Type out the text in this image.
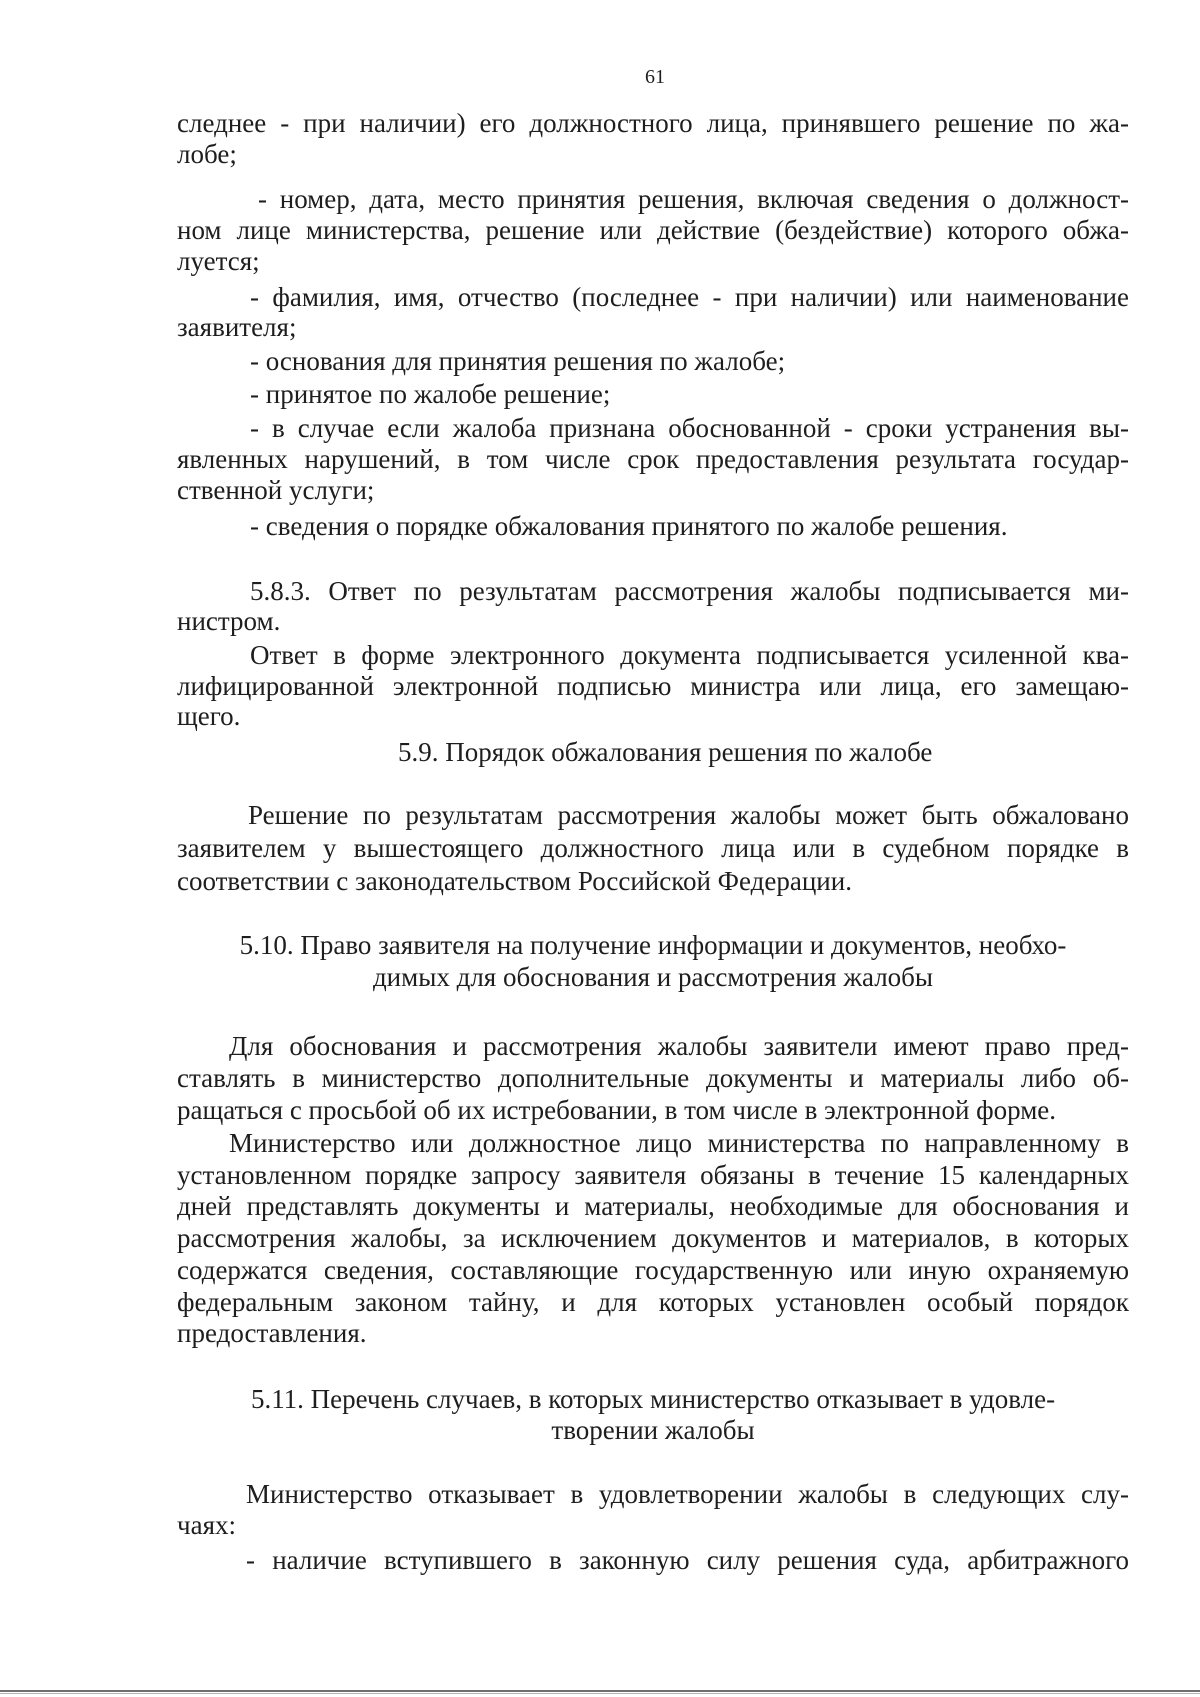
61

следнее - при наличии) его должностного лица, принявшего решение по жа-

лобе;

- номер, дата, место принятия решения, включая сведения о должност-

ном лице министерства, решение или действие (бездействие) которого обжа-

луется;

- фамилия, имя, отчество (последнее - при наличии) или наименование

заявителя;

- основания для принятия решения по жалобе;

- принятое по жалобе решение;

- в случае если жалоба признана обоснованной - сроки устранения вы-

явленных нарушений, в том числе срок предоставления результата государ-

ственной услуги;

- сведения о порядке обжалования принятого по жалобе решения.

5.8.3. Ответ по результатам рассмотрения жалобы подписывается ми-

нистром.

Ответ в форме электронного документа подписывается усиленной ква-

лифицированной электронной подписью министра или лица, его замещаю-

щего.

5.9. Порядок обжалования решения по жалобе

Решение по результатам рассмотрения жалобы может быть обжаловано

заявителем у вышестоящего должностного лица или в судебном порядке в

соответствии с законодательством Российской Федерации.

5.10. Право заявителя на получение информации и документов, необхо-

димых для обоснования и рассмотрения жалобы

Для обоснования и рассмотрения жалобы заявители имеют право пред-

ставлять в министерство дополнительные документы и материалы либо об-

ращаться с просьбой об их истребовании, в том числе в электронной форме.

Министерство или должностное лицо министерства по направленному в

установленном порядке запросу заявителя обязаны в течение 15 календарных

дней представлять документы и материалы, необходимые для обоснования и

рассмотрения жалобы, за исключением документов и материалов, в которых

содержатся сведения, составляющие государственную или иную охраняемую

федеральным законом тайну, и для которых установлен особый порядок

предоставления.

5.11. Перечень случаев, в которых министерство отказывает в удовле-

творении жалобы

Министерство отказывает в удовлетворении жалобы в следующих слу-

чаях:

- наличие вступившего в законную силу решения суда, арбитражного
